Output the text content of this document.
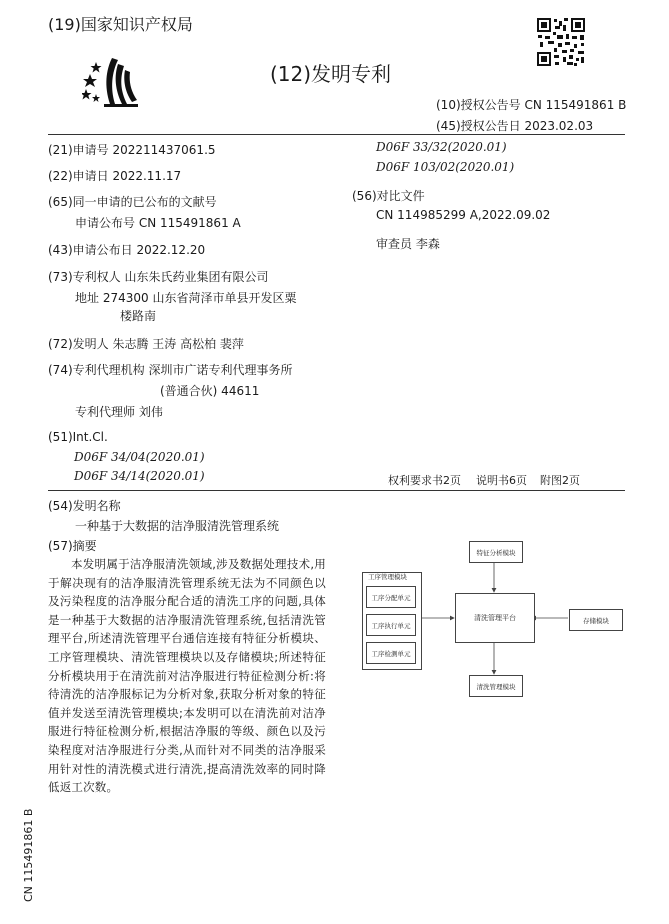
(19)国家知识产权局
(12)发明专利
(10)授权公告号 CN 115491861 B
(45)授权公告日 2023.02.03
(21)申请号 202211437061.5
(22)申请日 2022.11.17
(65)同一申请的已公布的文献号
申请公布号 CN 115491861 A
(43)申请公布日 2022.12.20
(73)专利权人 山东朱氏药业集团有限公司
地址 274300 山东省菏泽市单县开发区粟
楼路南
(72)发明人 朱志腾 王涛 高松柏 裴萍
(74)专利代理机构 深圳市广诺专利代理事务所
(普通合伙) 44611
专利代理师 刘伟
(51)Int.Cl.
D06F 34/04(2020.01)
D06F 34/14(2020.01)
D06F 33/32(2020.01)
D06F 103/02(2020.01)
(56)对比文件
CN 114985299 A,2022.09.02
审查员 李森
权利要求书2页 说明书6页 附图2页
(54)发明名称
一种基于大数据的洁净服清洗管理系统
(57)摘要
本发明属于洁净服清洗领域,涉及数据处理技术,用于解决现有的洁净服清洗管理系统无法为不同颜色以及污染程度的洁净服分配合适的清洗工序的问题,具体是一种基于大数据的洁净服清洗管理系统,包括清洗管理平台,所述清洗管理平台通信连接有特征分析模块、工序管理模块、清洗管理模块以及存储模块;所述特征分析模块用于在清洗前对洁净服进行特征检测分析:将待清洗的洁净服标记为分析对象,获取分析对象的特征值并发送至清洗管理模块;本发明可以在清洗前对洁净服进行特征检测分析,根据洁净服的等级、颜色以及污染程度对洁净服进行分类,从而针对不同类的洁净服采用针对性的清洗模式进行清洗,提高清洗效率的同时降低返工次数。
特征分析模块
工序管理模块
工序分配单元
工序执行单元
工序检测单元
清洗管理平台	存储模块
清洗管理模块
CN 115491861 B
